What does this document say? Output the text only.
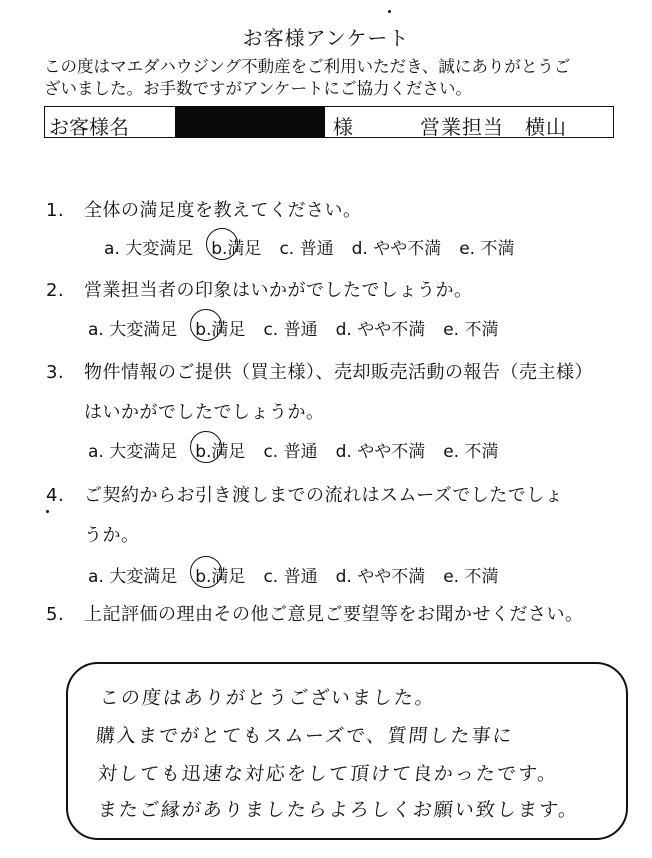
お客様アンケート
この度はマエダハウジング不動産をご利用いただき、誠にありがとうご
ざいました。お手数ですがアンケートにご協力ください。
お客様名	様	営業担当　横山
1. 全体の満足度を教えてください。
a. 大変満足 b.満足 c. 普通 d. やや不満 e. 不満
2. 営業担当者の印象はいかがでしたでしょうか。
a. 大変満足 b.満足 c. 普通 d. やや不満 e. 不満
3. 物件情報のご提供（買主様）、売却販売活動の報告（売主様）
はいかがでしたでしょうか。
a. 大変満足 b.満足 c. 普通 d. やや不満 e. 不満
4. ご契約からお引き渡しまでの流れはスムーズでしたでしょ
うか。
a. 大変満足 b.満足 c. 普通 d. やや不満 e. 不満
5. 上記評価の理由その他ご意見ご要望等をお聞かせください。
この度はありがとうございました。
購入までがとてもスムーズで、質問した事に
対しても迅速な対応をして頂けて良かったです。
またご縁がありましたらよろしくお願い致します。
